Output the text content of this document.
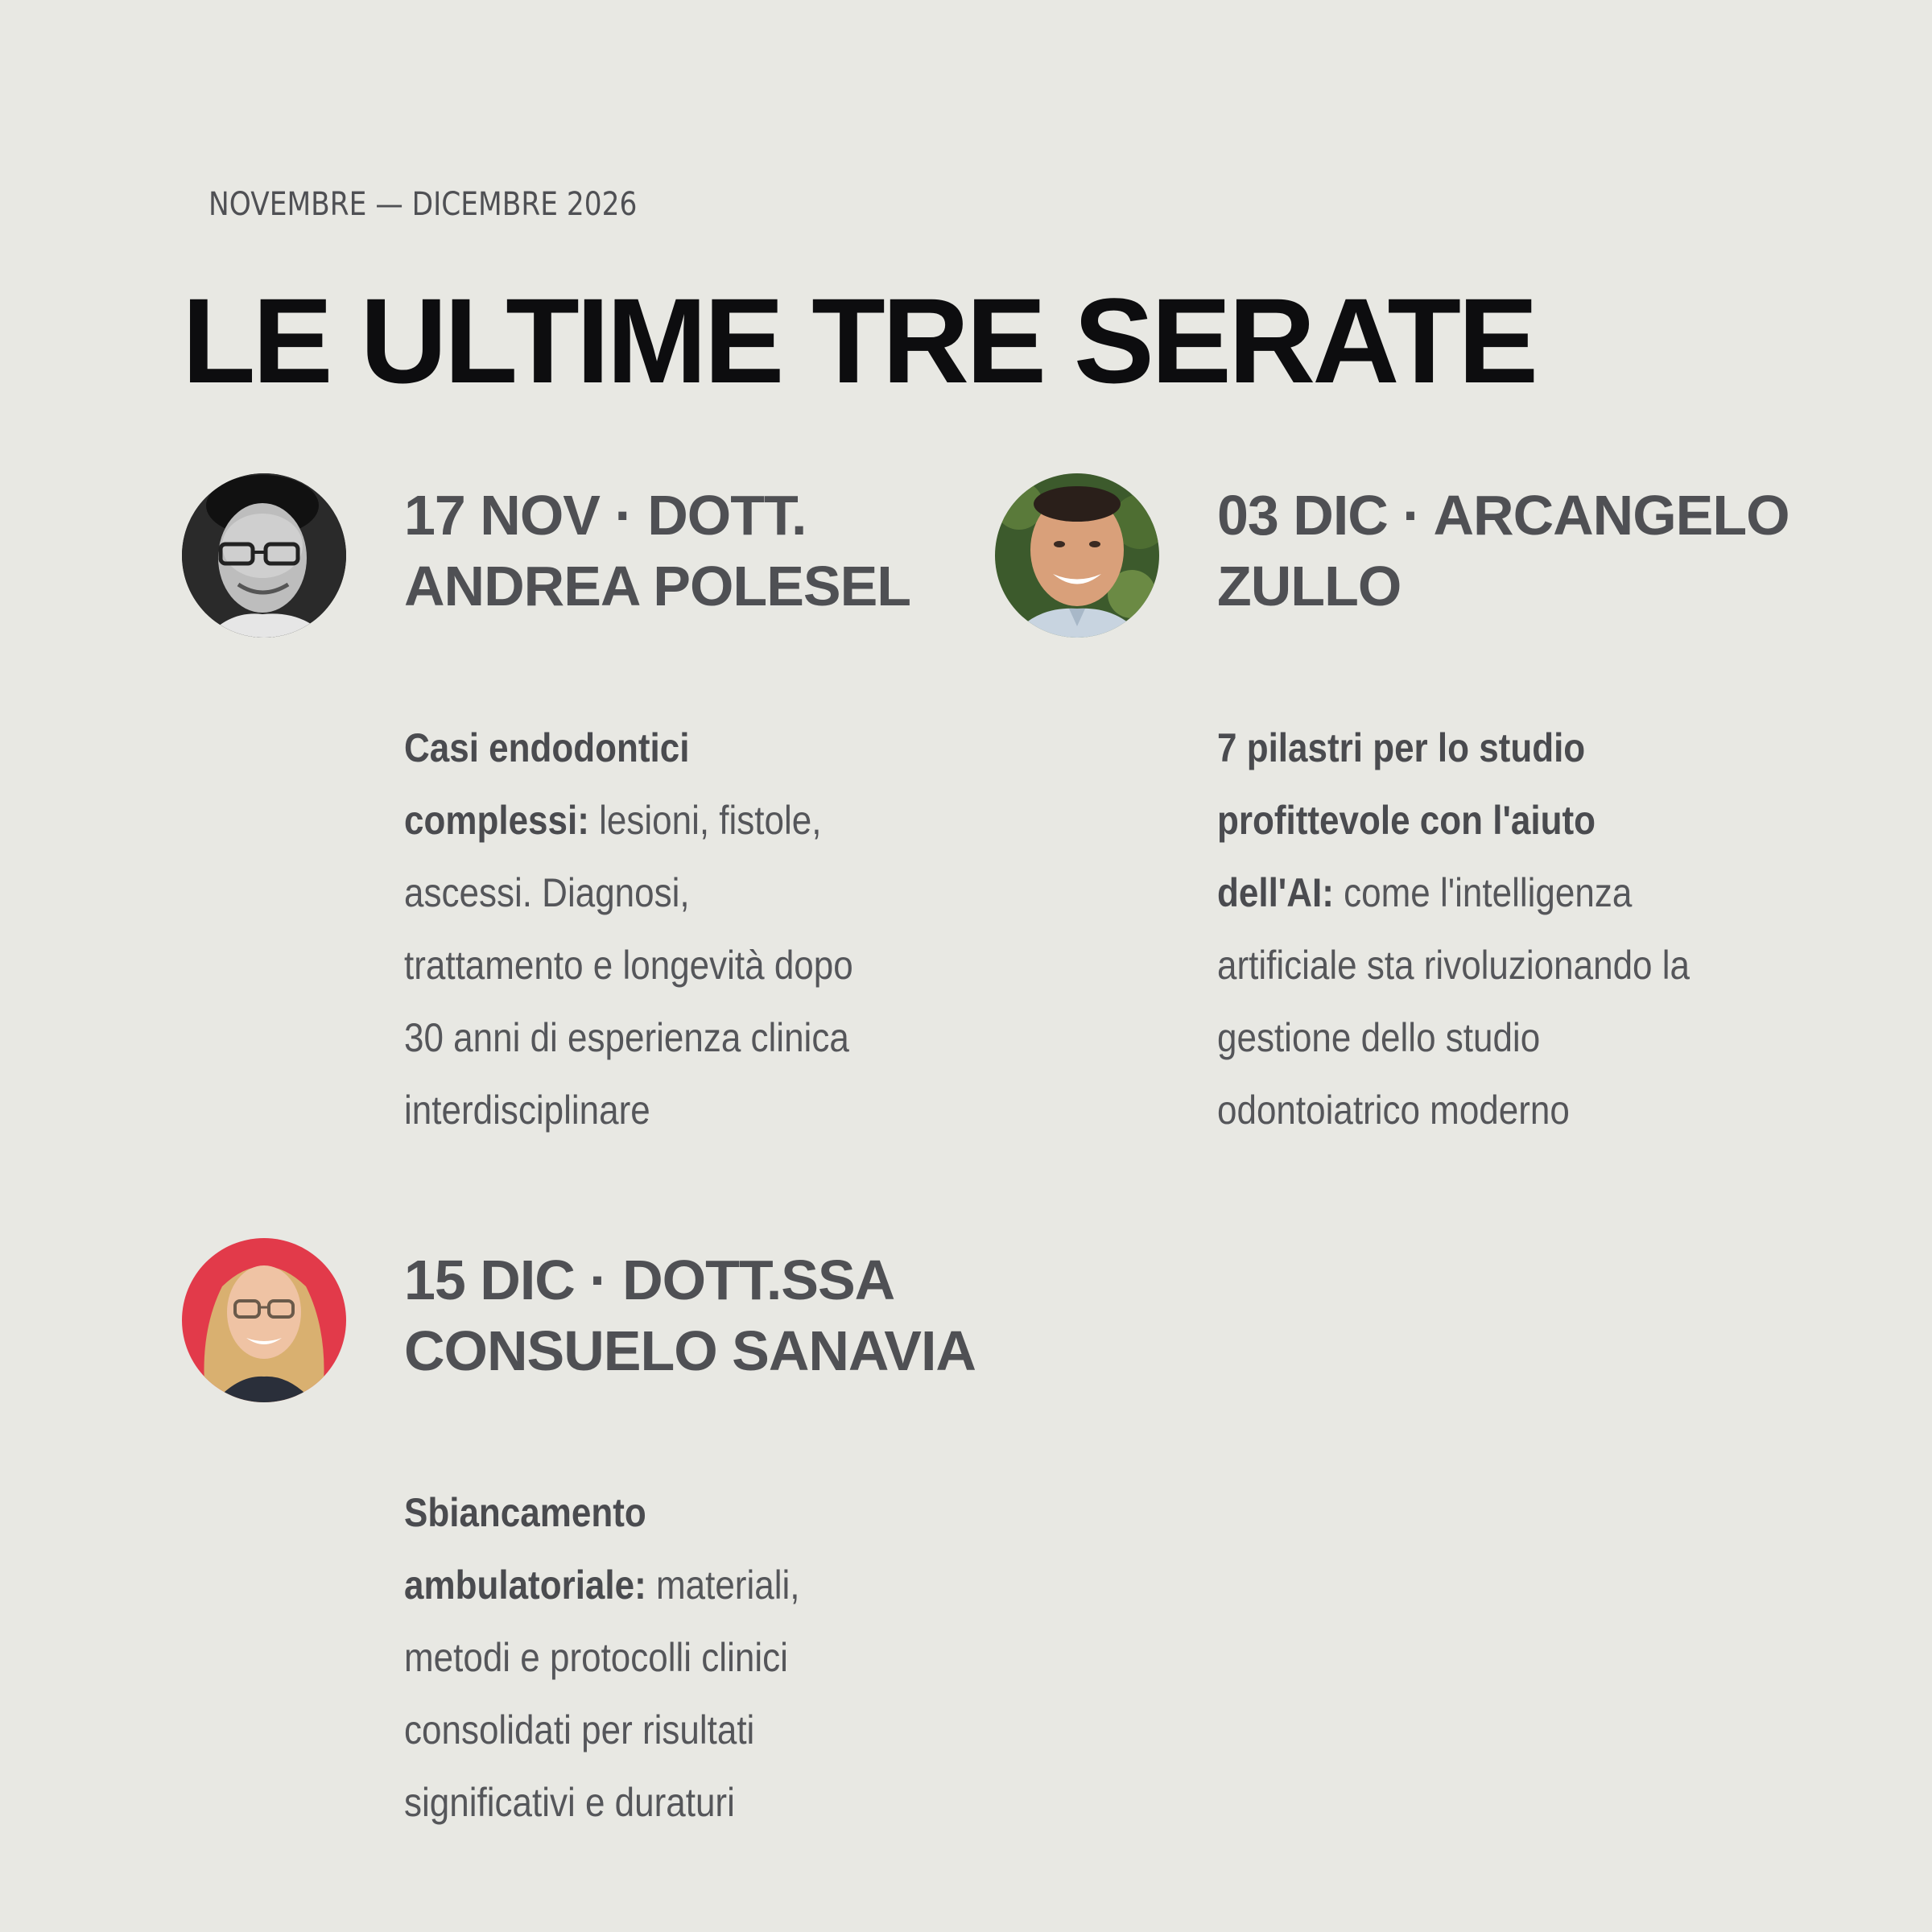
NOVEMBRE — DICEMBRE 2026
LE ULTIME TRE SERATE
17 NOV · DOTT. ANDREA POLESEL
Casi endodontici complessi: lesioni, fistole, ascessi. Diagnosi, trattamento e longevità dopo 30 anni di esperienza clinica interdisciplinare
03 DIC · ARCANGELO ZULLO
7 pilastri per lo studio profittevole con l'aiuto dell'AI: come l'intelligenza artificiale sta rivoluzionando la gestione dello studio odontoiatrico moderno
15 DIC · DOTT.SSA CONSUELO SANAVIA
Sbiancamento ambulatoriale: materiali, metodi e protocolli clinici consolidati per risultati significativi e duraturi
